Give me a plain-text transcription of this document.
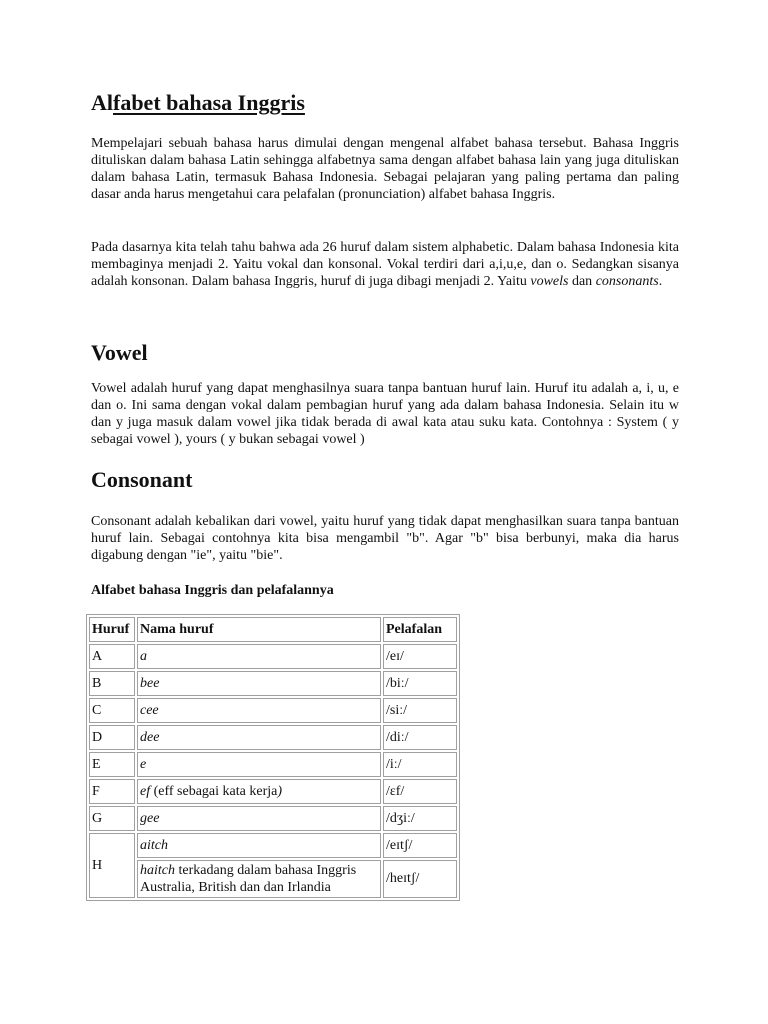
Alfabet bahasa Inggris

Mempelajari sebuah bahasa harus dimulai dengan mengenal alfabet bahasa tersebut. Bahasa Inggris dituliskan dalam bahasa Latin sehingga alfabetnya sama dengan alfabet bahasa lain yang juga dituliskan dalam bahasa Latin, termasuk Bahasa Indonesia. Sebagai pelajaran yang paling pertama dan paling dasar anda harus mengetahui cara pelafalan (pronunciation) alfabet bahasa Inggris.

Pada dasarnya kita telah tahu bahwa ada 26 huruf dalam sistem alphabetic. Dalam bahasa Indonesia kita membaginya menjadi 2. Yaitu vokal dan konsonal. Vokal terdiri dari a,i,u,e, dan o. Sedangkan sisanya adalah konsonan. Dalam bahasa Inggris, huruf di juga dibagi menjadi 2. Yaitu vowels dan consonants.

Vowel

Vowel adalah huruf yang dapat menghasilnya suara tanpa bantuan huruf lain. Huruf itu adalah a, i, u, e dan o. Ini sama dengan vokal dalam pembagian huruf yang ada dalam bahasa Indonesia. Selain itu w dan y juga masuk dalam vowel jika tidak berada di awal kata atau suku kata. Contohnya : System ( y sebagai vowel ), yours ( y bukan sebagai vowel )

Consonant

Consonant adalah kebalikan dari vowel, yaitu huruf yang tidak dapat menghasilkan suara tanpa bantuan huruf lain. Sebagai contohnya kita bisa mengambil "b". Agar "b" bisa berbunyi, maka dia harus digabung dengan "ie", yaitu "bie".

Alfabet bahasa Inggris dan pelafalannya
Huruf	Nama huruf	Pelafalan
A	a	/eɪ/
B	bee	/biː/
C	cee	/siː/
D	dee	/diː/
E	e	/iː/
F	ef (eff sebagai kata kerja)	/ɛf/
G	gee	/dʒiː/
H	aitch	/eɪtʃ/
	haitch terkadang dalam bahasa Inggris Australia, British dan dan Irlandia	/heɪtʃ/
